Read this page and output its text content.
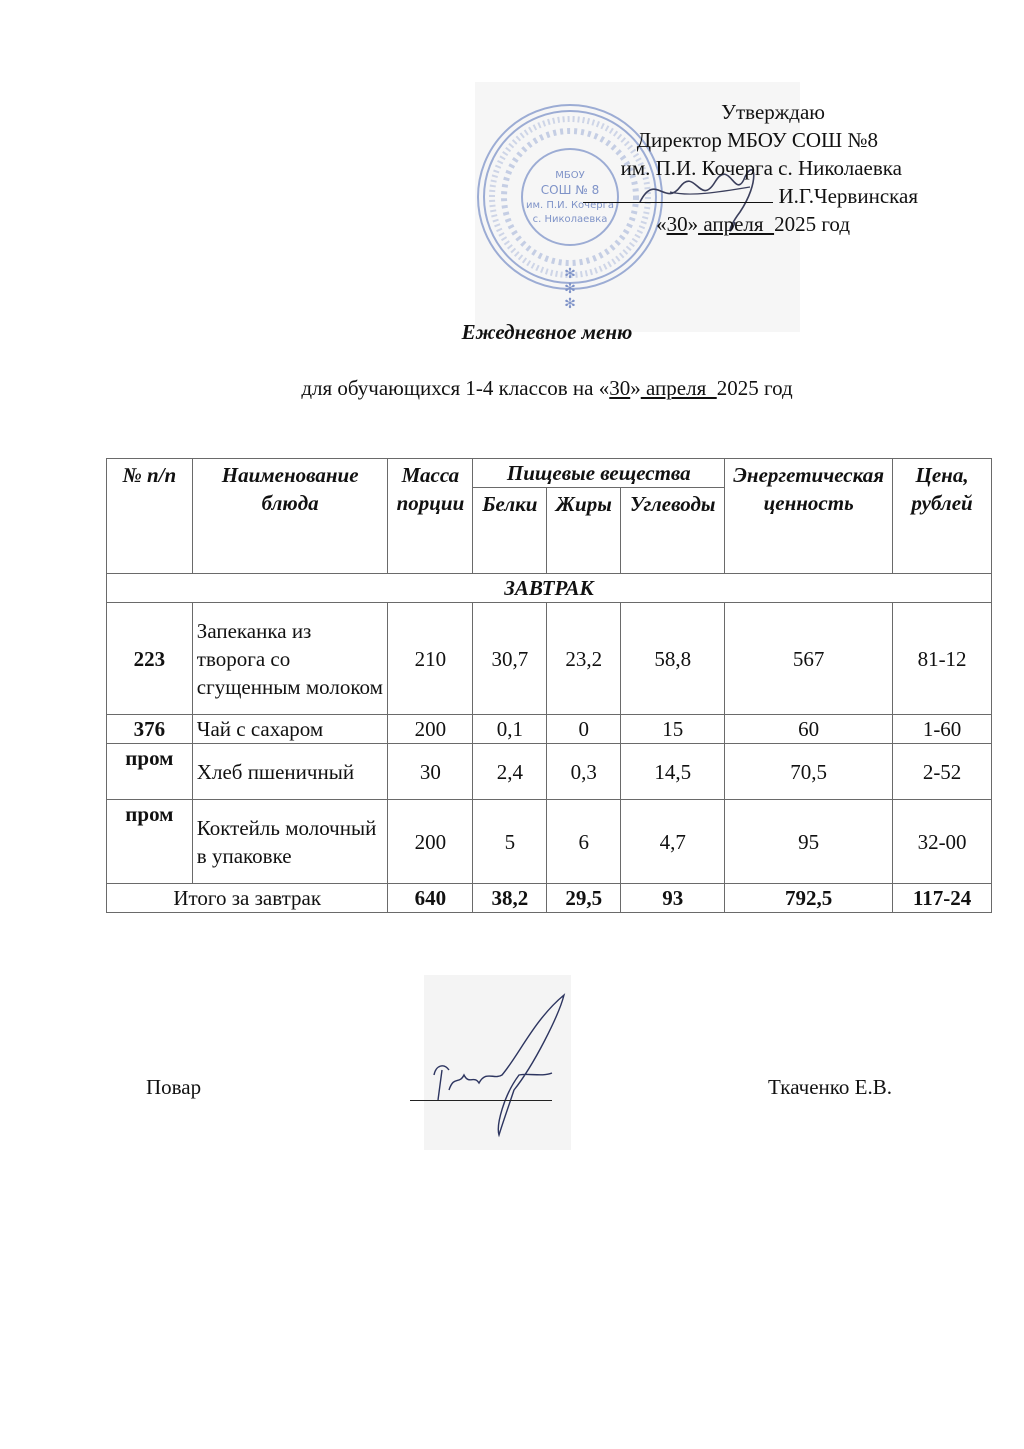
МБОУ
СОШ № 8
им. П.И. Кочерга
с. Николаевка
✻
✻
✻
Утверждаю
Директор МБОУ СОШ №8
им. П.И. Кочерга с. Николаевка
И.Г.Червинская
«30» апреля  2025 год
Ежедневное меню
для обучающихся 1-4 классов на «30» апреля  2025 год
№ п/п	Наименование блюда	Масса порции	Пищевые вещества			Энергетическая ценность	Цена, рублей
			Белки	Жиры	Углеводы		
ЗАВТРАК							
223	Запеканка из творога со сгущенным молоком	210	30,7	23,2	58,8	567	81-12
376	Чай с сахаром	200	0,1	0	15	60	1-60
пром	Хлеб пшеничный	30	2,4	0,3	14,5	70,5	2-52
пром	Коктейль молочный в упаковке	200	5	6	4,7	95	32-00
Итого за завтрак		640	38,2	29,5	93	792,5	117-24
Повар	Ткаченко Е.В.
